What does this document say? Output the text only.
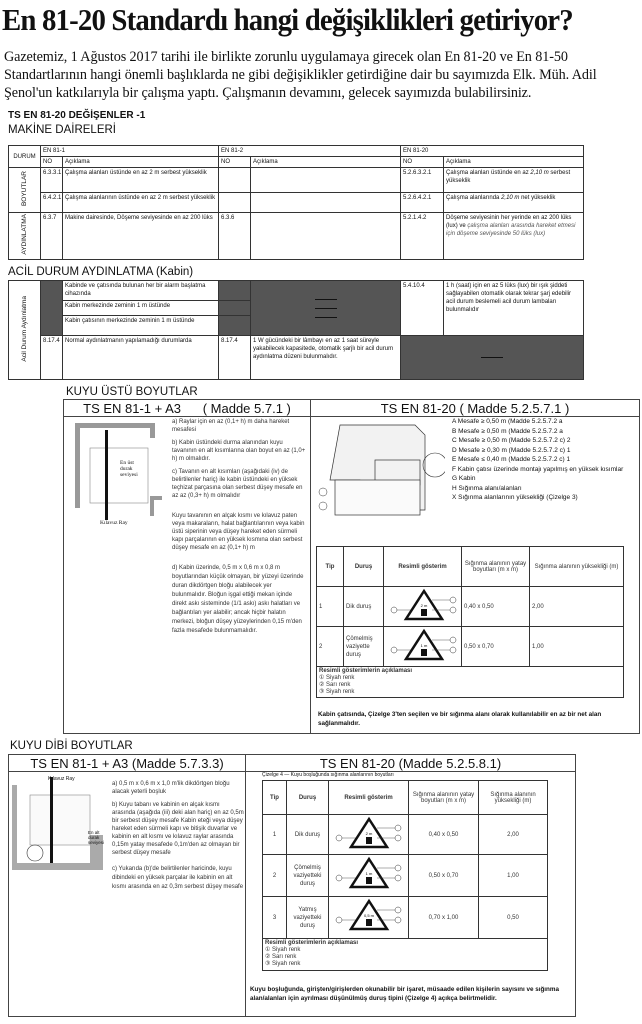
En 81-20 Standardı hangi değişiklikleri getiriyor?
Gazetemiz, 1 Ağustos 2017 tarihi ile birlikte zorunlu uygulamaya girecek olan En 81-20 ve En 81-50 Standartlarının hangi önemli başlıklarda ne gibi değişiklikler getirdiğine dair bu sayımızda Elk. Müh. Adil Şenol'un katkılarıyla bir çalışma yaptı. Çalışmanın devamını, gelecek sayımızda bulabilirsiniz.
TS EN 81-20 DEĞİŞENLER -1
MAKİNE DAİRELERİ
DURUM	EN 81-1		EN 81-2		EN 81-20	
	NO	Açıklama	NO	Açıklama	NO	Açıklama
BOYUTLAR	6.3.3.1	Çalışma alanları üstünde en az 2 m serbest yükseklik			5.2.6.3.2.1	Çalışma alanları üstünde en az 2,10 m serbest yükseklik
	6.4.2.1	Çalışma alanlarının üstünde en az 2 m serbest yükseklik			5.2.6.4.2.1	Çalışma alanlarında 2,10 m net yükseklik
AYDINLATMA	6.3.7	Makine dairesinde, Döşeme seviyesinde en az 200 lüks	6.3.6		5.2.1.4.2	Döşeme seviyesinin her yerinde en az 200 lüks (lux) ve çalışma alanları arasında hareket etmesi için döşeme seviyesinde 50 lüks (lux)
ACİL DURUM AYDINLATMA (Kabin)
Acil Durum Aydınlatma		Kabinde ve çatısında bulunan her bir alarm başlatma cihazında			5.4.10.4	1 h (saat) için en az 5 lüks (lux) bir ışık şiddeti sağlayabilen otomatik olarak tekrar şarj edebilir acil durum beslemeli acil durum lambaları bulunmalıdır
		Kabin merkezinde zeminin 1 m üstünde				
		Kabin çatısının merkezinde zeminin 1 m üstünde				
	8.17.4	Normal aydınlatmanın yapılamadığı durumlarda	8.17.4	1 W gücündeki bir lâmbayı en az 1 saat süreyle yakabilecek kapasitede, otomatik şarjlı bir acil durum aydınlatma düzeni bulunmalıdır.		
KUYU ÜSTÜ BOYUTLAR
TS EN 81-1 + A3      ( Madde 5.7.1 )	TS EN 81-20 ( Madde 5.2.5.7.1 )
En üst durak seviyesi
Kılavuz Ray

a) Raylar için en az (0,1+ h) m daha hareket mesafesi

b) Kabin üstündeki durma alanından kuyu tavanının en alt kısımlarına olan boyut en az (1,0+ h) m olmalıdır.

c) Tavanın en alt kısımları (aşağıdaki (iv) de belirtilenler hariç) ile kabin üstündeki en yüksek teçhizat parçasına olan serbest düşey mesafe en az az (0,3+ h) m olmalıdır

Kuyu tavanının en alçak kısmı ve kılavuz paten veya makaraların, halat bağlantılarının veya kabin üstü siperinin veya düşey hareket eden sürmeli kapı parçalarının en yüksek kısmına olan serbest düşey mesafe en az (0,1+ h) m

d) Kabin üzerinde, 0,5 m x 0,6 m x 0,8 m boyutlarından küçük olmayan, bir yüzeyi üzerinde duran dikdörtgen bloğu alabilecek yer bulunmalıdır. Bloğun işgal ettiği mekan içinde direkt askı sisteminde (1/1 askı) askı halatları ve bağlantıları yer alabilir; ancak hiçbir halatın merkezi, bloğun düşey yüzeylerinden 0,15 m'den fazla mesafede bulunmamalıdır.

A Mesafe ≥ 0,50 m (Madde 5.2.5.7.2 a
B Mesafe ≥ 0,50 m (Madde 5.2.5.7.2 a
C Mesafe ≥ 0,50 m (Madde 5.2.5.7.2 c) 2
D Mesafe ≥ 0,30 m (Madde 5.2.5.7.2 c) 1
E Mesafe ≤ 0,40 m (Madde 5.2.5.7.2 c) 1
F Kabin çatısı üzerinde montajı yapılmış en yüksek kısımlar
G Kabin
H Sığınma alanı/alanları
X Sığınma alanlarının yüksekliği (Çizelge 3)
Tip	Duruş	Resimli gösterim	Sığınma alanının yatay boyutları (m x m)	Sığınma alanının yüksekliği (m)
1	Dik duruş	2 m	0,40 x 0,50	2,00
2	Çömelmiş vaziyette duruş	1 m	0,50 x 0,70	1,00
Resimli gösterimlerin açıklaması
① Siyah renk
② Sarı renk
③ Siyah renk				
Kabin çatısında, Çizelge 3'ten seçilen ve bir sığınma alanı olarak kullanılabilir en az bir net alan sağlanmalıdır.
KUYU DİBİ BOYUTLAR
TS EN 81-1 + A3 (Madde 5.7.3.3)	TS EN 81-20 (Madde 5.2.5.8.1)
Kılavuz Ray
En alt durak seviyesi

a) 0,5 m x 0,6 m x 1,0 m'lik dikdörtgen bloğu alacak yeterli boşluk

b) Kuyu tabanı ve kabinin en alçak kısmı arasında (aşağıda (iii) deki alan hariç) en az 0,5m bir serbest düşey mesafe Kabin eteği veya düşey hareket eden sürmeli kapı ve bitişik duvarlar ve kabinin en alt kısmı ve kılavuz raylar arasında 0,15m yatay mesafede 0,1m'den az olmayan bir serbest düşey mesafe

c) Yukarıda (b)'de belirtilenler haricinde, kuyu dibindeki en yüksek parçalar ile kabinin en alt kısmı arasında en az 0,3m serbest düşey mesafe

Çizelge 4 — Kuyu boşluğunda sığınma alanlarının boyutları
Tip	Duruş	Resimli gösterim	Sığınma alanının yatay boyutları (m x m)	Sığınma alanının yüksekliği (m)
1	Dik duruş	2 m	0,40 x 0,50	2,00
2	Çömelmiş vaziyetteki duruş	1 m	0,50 x 0,70	1,00
3	Yatmış vaziyetteki duruş	0,5 m	0,70 x 1,00	0,50
Resimli gösterimlerin açıklaması
① Siyah renk
② Sarı renk
③ Siyah renk				
Kuyu boşluğunda, girişten/girişlerden okunabilir bir işaret, müsaade edilen kişilerin sayısını ve sığınma alan/alanları için ayrılması düşünülmüş duruş tipini (Çizelge 4) açıkça belirtmelidir.
